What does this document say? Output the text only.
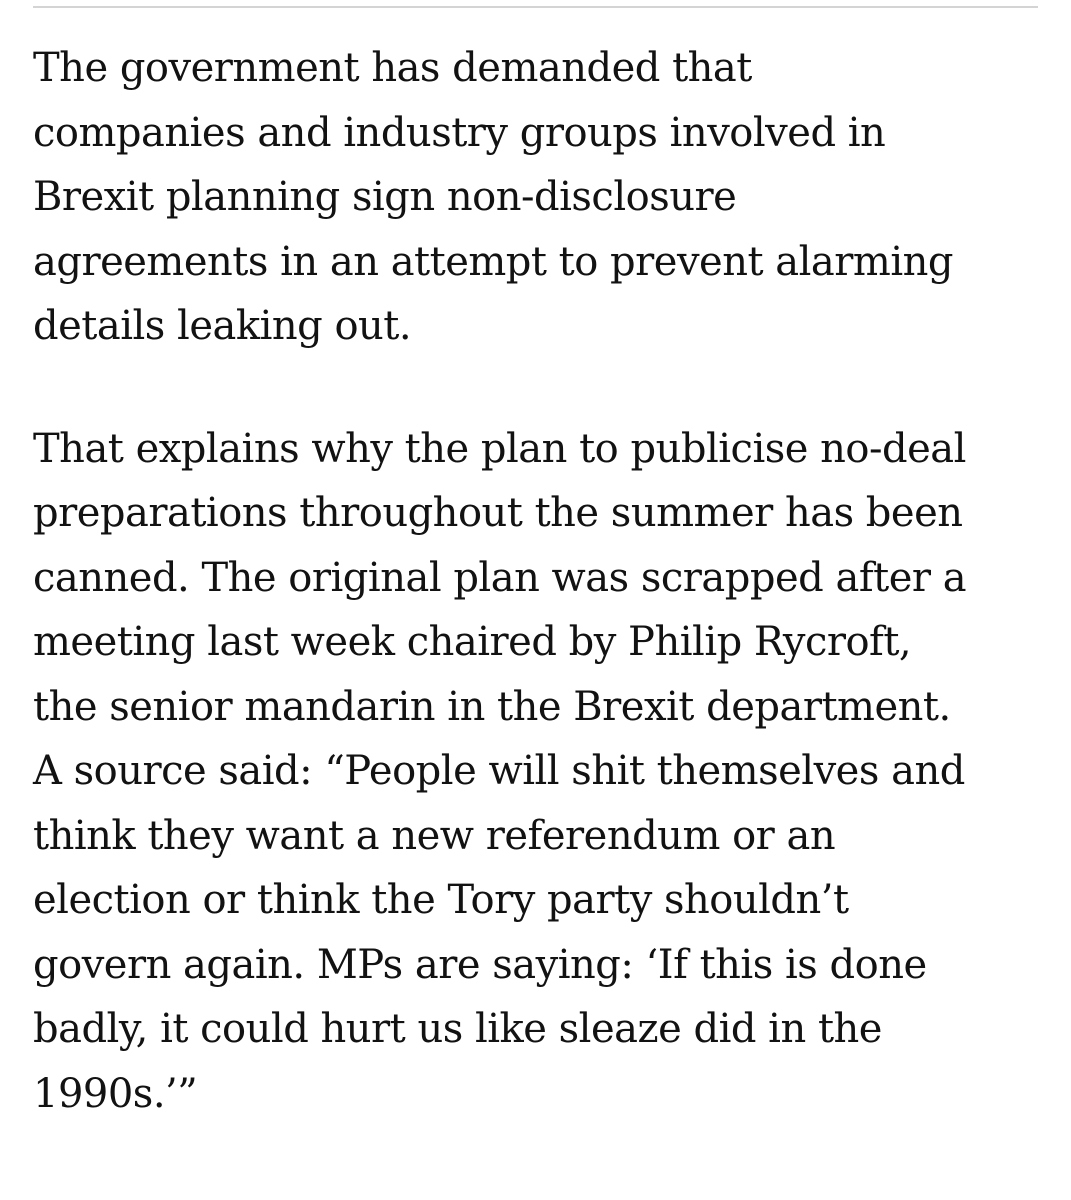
The government has demanded that
companies and industry groups involved in
Brexit planning sign non-disclosure
agreements in an attempt to prevent alarming
details leaking out.

That explains why the plan to publicise no-deal
preparations throughout the summer has been
canned. The original plan was scrapped after a
meeting last week chaired by Philip Rycroft,
the senior mandarin in the Brexit department.
A source said: “People will shit themselves and
think they want a new referendum or an
election or think the Tory party shouldn’t
govern again. MPs are saying: ‘If this is done
badly, it could hurt us like sleaze did in the
1990s.’”
